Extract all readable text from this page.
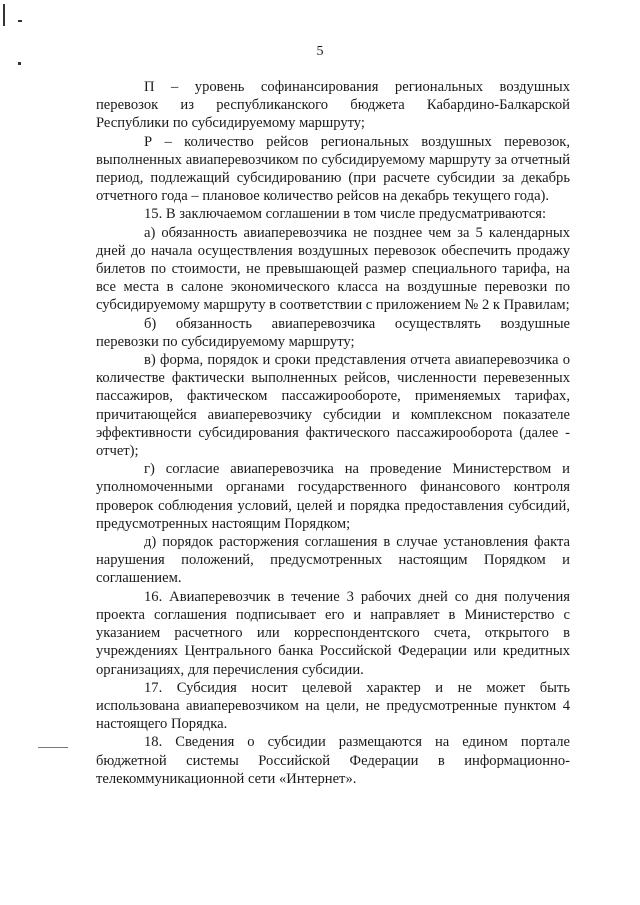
5

П – уровень софинансирования региональных воздушных перевозок из республиканского бюджета Кабардино-Балкарской Республики по субсидируемому маршруту;

Р – количество рейсов региональных воздушных перевозок, выполненных авиаперевозчиком по субсидируемому маршруту за отчетный период, подлежащий субсидированию (при расчете субсидии за декабрь отчетного года – плановое количество рейсов на декабрь текущего года).

15. В заключаемом соглашении в том числе предусматриваются:

а) обязанность авиаперевозчика не позднее чем за 5 календарных дней до начала осуществления воздушных перевозок обеспечить продажу билетов по стоимости, не превышающей размер специального тарифа, на все места в салоне экономического класса на воздушные перевозки по субсидируемому маршруту в соответствии с приложением № 2 к Правилам;

б) обязанность авиаперевозчика осуществлять воздушные перевозки по субсидируемому маршруту;

в) форма, порядок и сроки представления отчета авиаперевозчика о количестве фактически выполненных рейсов, численности перевезенных пассажиров, фактическом пассажирообороте, применяемых тарифах, причитающейся авиаперевозчику субсидии и комплексном показателе эффективности субсидирования фактического пассажирооборота (далее - отчет);

г) согласие авиаперевозчика на проведение Министерством и уполномоченными органами государственного финансового контроля проверок соблюдения условий, целей и порядка предоставления субсидий, предусмотренных настоящим Порядком;

д) порядок расторжения соглашения в случае установления факта нарушения положений, предусмотренных настоящим Порядком и соглашением.

16. Авиаперевозчик в течение 3 рабочих дней со дня получения проекта соглашения подписывает его и направляет в Министерство с указанием расчетного или корреспондентского счета, открытого в учреждениях Центрального банка Российской Федерации или кредитных организациях, для перечисления субсидии.

17. Субсидия носит целевой характер и не может быть использована авиаперевозчиком на цели, не предусмотренные пунктом 4 настоящего Порядка.

18. Сведения о субсидии размещаются на едином портале бюджетной системы Российской Федерации в информационно-телекоммуникационной сети «Интернет».
